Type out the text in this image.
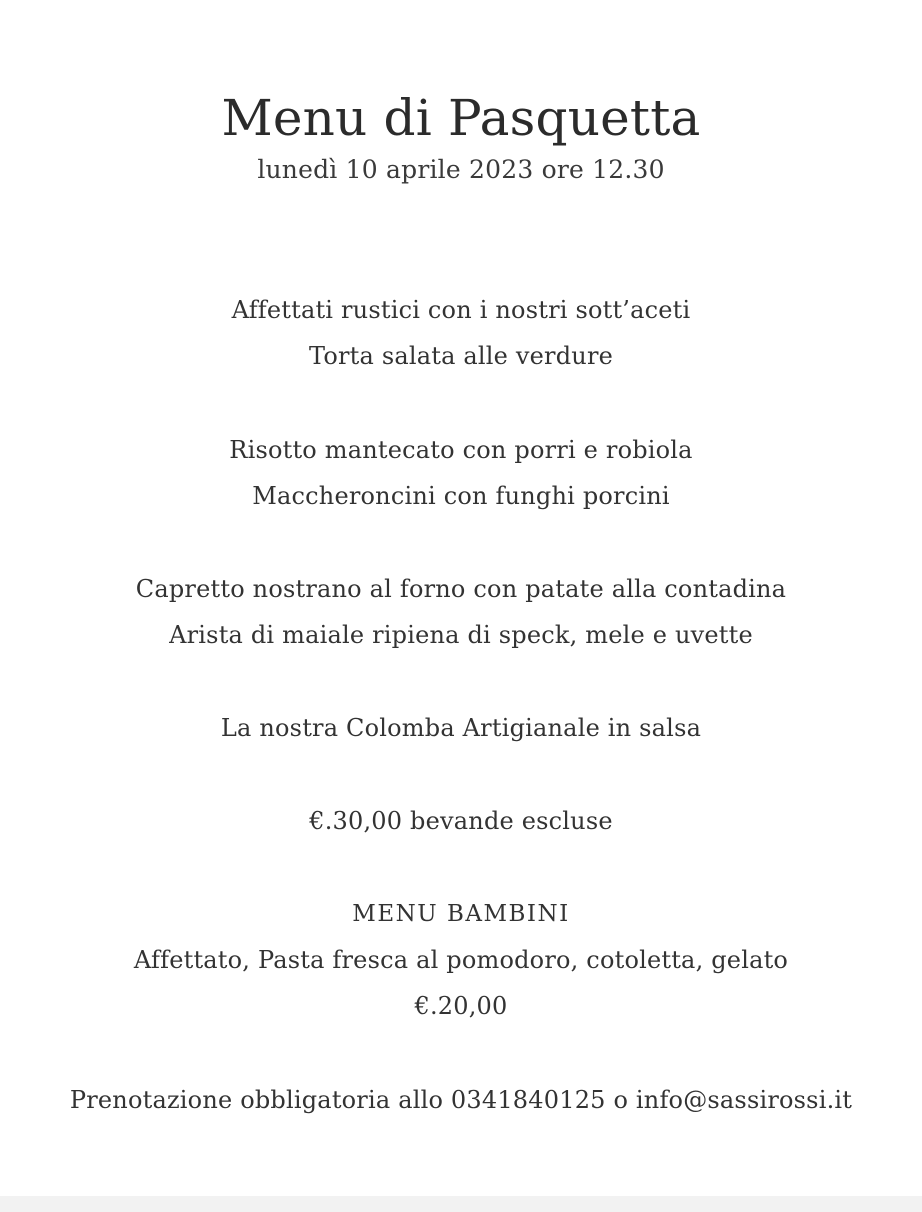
Menu di Pasquetta
lunedì 10 aprile 2023 ore 12.30
Affettati rustici con i nostri sott’aceti
Torta salata alle verdure
Risotto mantecato con porri e robiola
Maccheroncini con funghi porcini
Capretto nostrano al forno con patate alla contadina
Arista di maiale ripiena di speck, mele e uvette
La nostra Colomba Artigianale in salsa
€.30,00 bevande escluse
MENU BAMBINI
Affettato, Pasta fresca al pomodoro, cotoletta, gelato
€.20,00
Prenotazione obbligatoria allo 0341840125 o info@sassirossi.it
